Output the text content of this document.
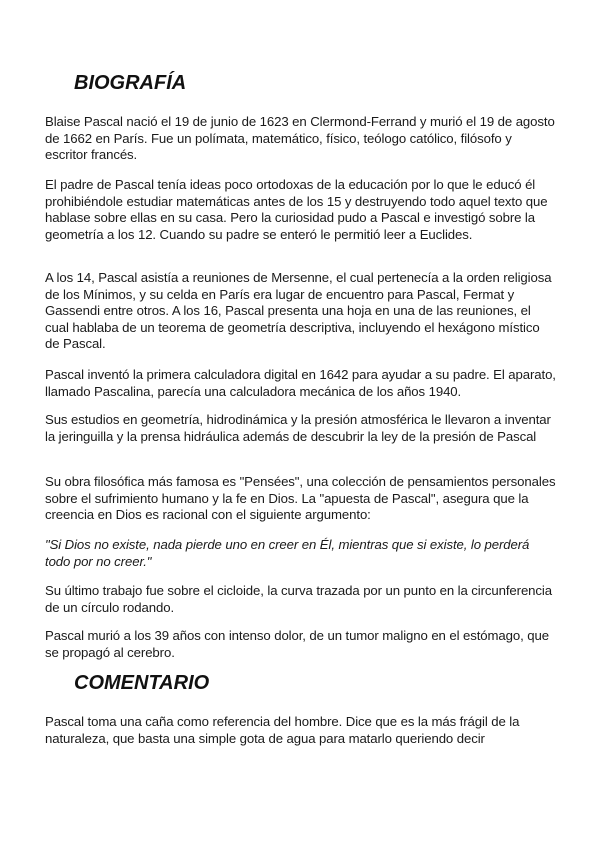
BIOGRAFÍA

Blaise Pascal nació el 19 de junio de 1623 en Clermond-Ferrand y murió el 19 de agosto de 1662 en París. Fue un polímata, matemático, físico, teólogo católico, filósofo y escritor francés.

El padre de Pascal tenía ideas poco ortodoxas de la educación por lo que le educó él prohibiéndole estudiar matemáticas antes de los 15 y destruyendo todo aquel texto que hablase sobre ellas en su casa. Pero la curiosidad pudo a Pascal e investigó sobre la geometría a los 12. Cuando su padre se enteró le permitió leer a Euclides.

A los 14, Pascal asistía a reuniones de Mersenne, el cual pertenecía a la orden religiosa de los Mínimos, y su celda en París era lugar de encuentro para Pascal, Fermat y Gassendi entre otros. A los 16, Pascal presenta una hoja en una de las reuniones, el cual hablaba de un teorema de geometría descriptiva, incluyendo el hexágono místico de Pascal.

Pascal inventó la primera calculadora digital en 1642 para ayudar a su padre. El aparato, llamado Pascalina, parecía una calculadora mecánica de los años 1940.

Sus estudios en geometría, hidrodinámica y la presión atmosférica le llevaron a inventar la jeringuilla y la prensa hidráulica además de descubrir la ley de la presión de Pascal

Su obra filosófica más famosa es "Pensées", una colección de pensamientos personales sobre el sufrimiento humano y la fe en Dios. La "apuesta de Pascal", asegura que la creencia en Dios es racional con el siguiente argumento:

"Si Dios no existe, nada pierde uno en creer en Él, mientras que si existe, lo perderá todo por no creer."

Su último trabajo fue sobre el cicloide, la curva trazada por un punto en la circunferencia de un círculo rodando.

Pascal murió a los 39 años con intenso dolor, de un tumor maligno en el estómago, que se propagó al cerebro.

COMENTARIO

Pascal toma una caña como referencia del hombre. Dice que es la más frágil de la naturaleza, que basta una simple gota de agua para matarlo queriendo decir
